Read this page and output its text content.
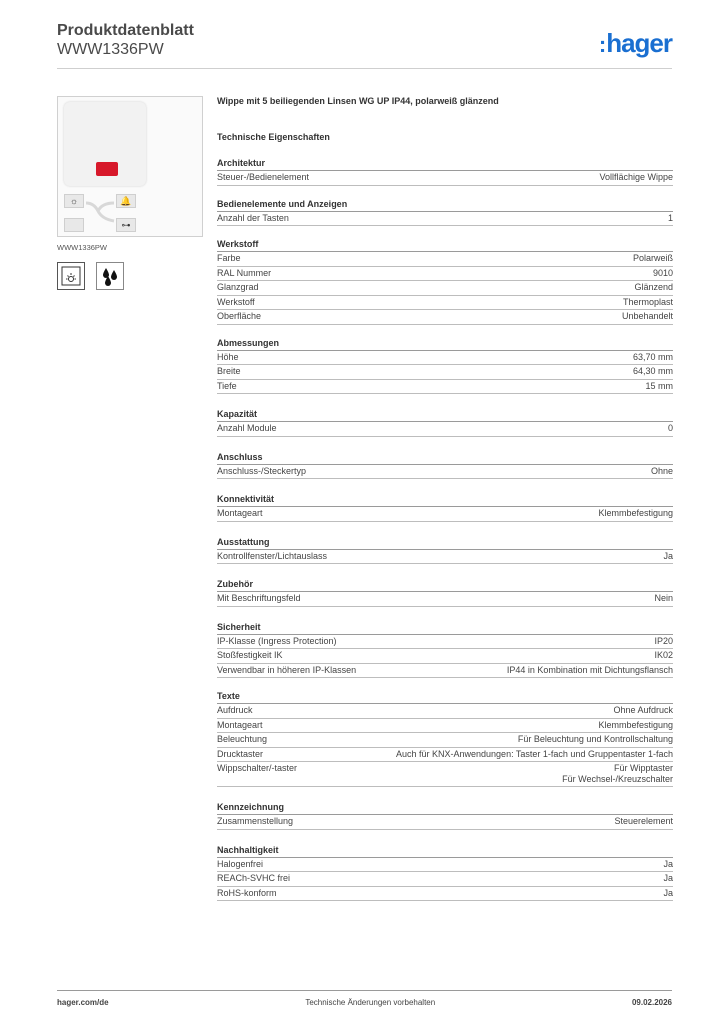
Produktdatenblatt
WWW1336PW	:hager
☼	🔔
⊶
WWW1336PW
Wippe mit 5 beiliegenden Linsen WG UP IP44, polarweiß glänzend
Technische Eigenschaften
Architektur
Steuer-/Bedienelement	Vollflächige Wippe
Bedienelemente und Anzeigen
Anzahl der Tasten	1
Werkstoff
Farbe	Polarweiß
RAL Nummer	9010
Glanzgrad	Glänzend
Werkstoff	Thermoplast
Oberfläche	Unbehandelt
Abmessungen
Höhe	63,70 mm
Breite	64,30 mm
Tiefe	15 mm
Kapazität
Anzahl Module	0
Anschluss
Anschluss-/Steckertyp	Ohne
Konnektivität
Montageart	Klemmbefestigung
Ausstattung
Kontrollfenster/Lichtauslass	Ja
Zubehör
Mit Beschriftungsfeld	Nein
Sicherheit
IP-Klasse (Ingress Protection)	IP20
Stoßfestigkeit IK	IK02
Verwendbar in höheren IP-Klassen	IP44 in Kombination mit Dichtungsflansch
Texte
Aufdruck	Ohne Aufdruck
Montageart	Klemmbefestigung
Beleuchtung	Für Beleuchtung und Kontrollschaltung
Drucktaster	Auch für KNX-Anwendungen: Taster 1-fach und Gruppentaster 1-fach
Wippschalter/-taster	Für Wipptaster
Für Wechsel-/Kreuzschalter
Kennzeichnung
Zusammenstellung	Steuerelement
Nachhaltigkeit
Halogenfrei	Ja
REACh-SVHC frei	Ja
RoHS-konform	Ja
hager.com/de	Technische Änderungen vorbehalten	09.02.2026
